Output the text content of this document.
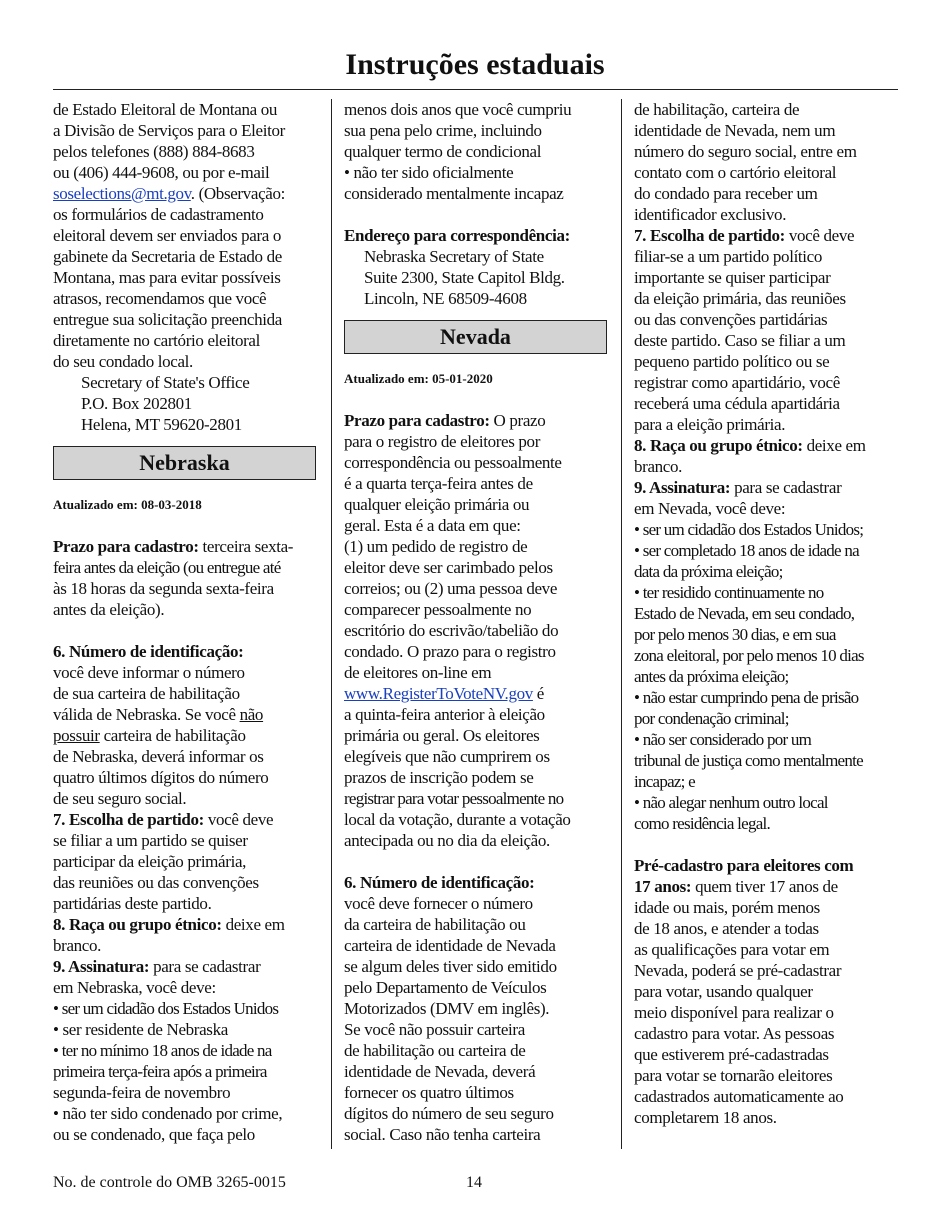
Instruções estaduais
de Estado Eleitoral de Montana ou
a Divisão de Serviços para o Eleitor
pelos telefones (888) 884-8683
ou (406) 444-9608, ou por e-mail
soselections@mt.gov. (Observação:
os formulários de cadastramento
eleitoral devem ser enviados para o
gabinete da Secretaria de Estado de
Montana, mas para evitar possíveis
atrasos, recomendamos que você
entregue sua solicitação preenchida
diretamente no cartório eleitoral
do seu condado local.
Secretary of State's Office
P.O. Box 202801
Helena, MT 59620-2801
Nebraska
Atualizado em: 08-03-2018
Prazo para cadastro: terceira sexta-
feira antes da eleição (ou entregue até
às 18 horas da segunda sexta-feira
antes da eleição).
6. Número de identificação:
você deve informar o número
de sua carteira de habilitação
válida de Nebraska. Se você não
possuir carteira de habilitação
de Nebraska, deverá informar os
quatro últimos dígitos do número
de seu seguro social.
7. Escolha de partido: você deve
se filiar a um partido se quiser
participar da eleição primária,
das reuniões ou das convenções
partidárias deste partido.
8. Raça ou grupo étnico: deixe em
branco.
9. Assinatura: para se cadastrar
em Nebraska, você deve:
• ser um cidadão dos Estados Unidos
• ser residente de Nebraska
• ter no mínimo 18 anos de idade na
primeira terça-feira após a primeira
segunda-feira de novembro
• não ter sido condenado por crime,
ou se condenado, que faça pelo
menos dois anos que você cumpriu
sua pena pelo crime, incluindo
qualquer termo de condicional
• não ter sido oficialmente
considerado mentalmente incapaz
Endereço para correspondência:
Nebraska Secretary of State
Suite 2300, State Capitol Bldg.
Lincoln, NE 68509-4608
Nevada
Atualizado em: 05-01-2020
Prazo para cadastro: O prazo
para o registro de eleitores por
correspondência ou pessoalmente
é a quarta terça-feira antes de
qualquer eleição primária ou
geral. Esta é a data em que:
(1) um pedido de registro de
eleitor deve ser carimbado pelos
correios; ou (2) uma pessoa deve
comparecer pessoalmente no
escritório do escrivão/tabelião do
condado. O prazo para o registro
de eleitores on-line em
www.RegisterToVoteNV.gov é
a quinta-feira anterior à eleição
primária ou geral. Os eleitores
elegíveis que não cumprirem os
prazos de inscrição podem se
registrar para votar pessoalmente no
local da votação, durante a votação
antecipada ou no dia da eleição.
6. Número de identificação:
você deve fornecer o número
da carteira de habilitação ou
carteira de identidade de Nevada
se algum deles tiver sido emitido
pelo Departamento de Veículos
Motorizados (DMV em inglês).
Se você não possuir carteira
de habilitação ou carteira de
identidade de Nevada, deverá
fornecer os quatro últimos
dígitos do número de seu seguro
social. Caso não tenha carteira
de habilitação, carteira de
identidade de Nevada, nem um
número do seguro social, entre em
contato com o cartório eleitoral
do condado para receber um
identificador exclusivo.
7. Escolha de partido: você deve
filiar-se a um partido político
importante se quiser participar
da eleição primária, das reuniões
ou das convenções partidárias
deste partido. Caso se filiar a um
pequeno partido político ou se
registrar como apartidário, você
receberá uma cédula apartidária
para a eleição primária.
8. Raça ou grupo étnico: deixe em
branco.
9. Assinatura: para se cadastrar
em Nevada, você deve:
• ser um cidadão dos Estados Unidos;
• ser completado 18 anos de idade na
data da próxima eleição;
• ter residido continuamente no
Estado de Nevada, em seu condado,
por pelo menos 30 dias, e em sua
zona eleitoral, por pelo menos 10 dias
antes da próxima eleição;
• não estar cumprindo pena de prisão
por condenação criminal;
• não ser considerado por um
tribunal de justiça como mentalmente
incapaz; e
• não alegar nenhum outro local
como residência legal.
Pré-cadastro para eleitores com
17 anos: quem tiver 17 anos de
idade ou mais, porém menos
de 18 anos, e atender a todas
as qualificações para votar em
Nevada, poderá se pré-cadastrar
para votar, usando qualquer
meio disponível para realizar o
cadastro para votar. As pessoas
que estiverem pré-cadastradas
para votar se tornarão eleitores
cadastrados automaticamente ao
completarem 18 anos.
No. de controle do OMB 3265-0015	14
